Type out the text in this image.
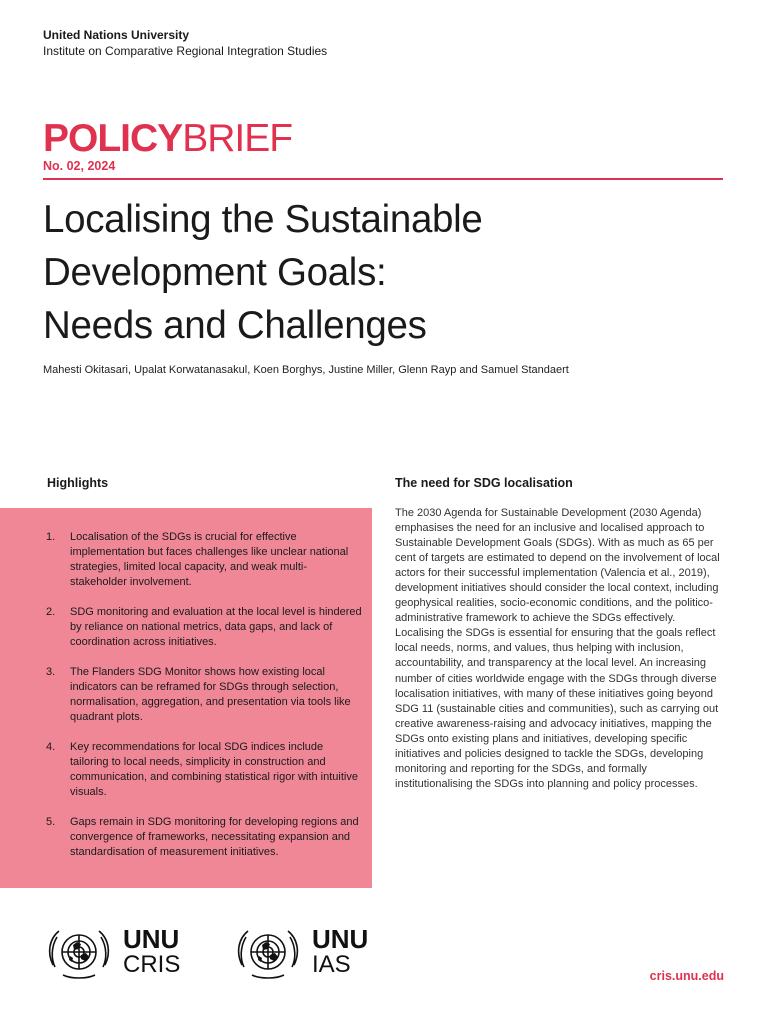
United Nations University
Institute on Comparative Regional Integration Studies
POLICYBRIEF
No. 02, 2024
Localising the Sustainable
Development Goals:
Needs and Challenges
Mahesti Okitasari, Upalat Korwatanasakul, Koen Borghys, Justine Miller, Glenn Rayp and Samuel Standaert
Highlights
1. Localisation of the SDGs is crucial for effective implementation but faces challenges like unclear national strategies, limited local capacity, and weak multi-stakeholder involvement.
2. SDG monitoring and evaluation at the local level is hindered by reliance on national metrics, data gaps, and lack of coordination across initiatives.
3. The Flanders SDG Monitor shows how existing local indicators can be reframed for SDGs through selection, normalisation, aggregation, and presentation via tools like quadrant plots.
4. Key recommendations for local SDG indices include tailoring to local needs, simplicity in construction and communication, and combining statistical rigor with intuitive visuals.
5. Gaps remain in SDG monitoring for developing regions and convergence of frameworks, necessitating expansion and standardisation of measurement initiatives.
The need for SDG localisation

The 2030 Agenda for Sustainable Development (2030 Agenda) emphasises the need for an inclusive and localised approach to Sustainable Development Goals (SDGs). With as much as 65 per cent of targets are estimated to depend on the involvement of local actors for their successful implementation (Valencia et al., 2019), development initiatives should consider the local context, including geophysical realities, socio-economic conditions, and the politico-administrative framework to achieve the SDGs effectively. Localising the SDGs is essential for ensuring that the goals reflect local needs, norms, and values, thus helping with inclusion, accountability, and transparency at the local level. An increasing number of cities worldwide engage with the SDGs through diverse localisation initiatives, with many of these initiatives going beyond SDG 11 (sustainable cities and communities), such as carrying out creative awareness-raising and advocacy initiatives, mapping the SDGs onto existing plans and initiatives, developing specific initiatives and policies designed to tackle the SDGs, developing monitoring and reporting for the SDGs, and formally institutionalising the SDGs into planning and policy processes.

UNU
CRIS
UNU
IAS	cris.unu.edu
